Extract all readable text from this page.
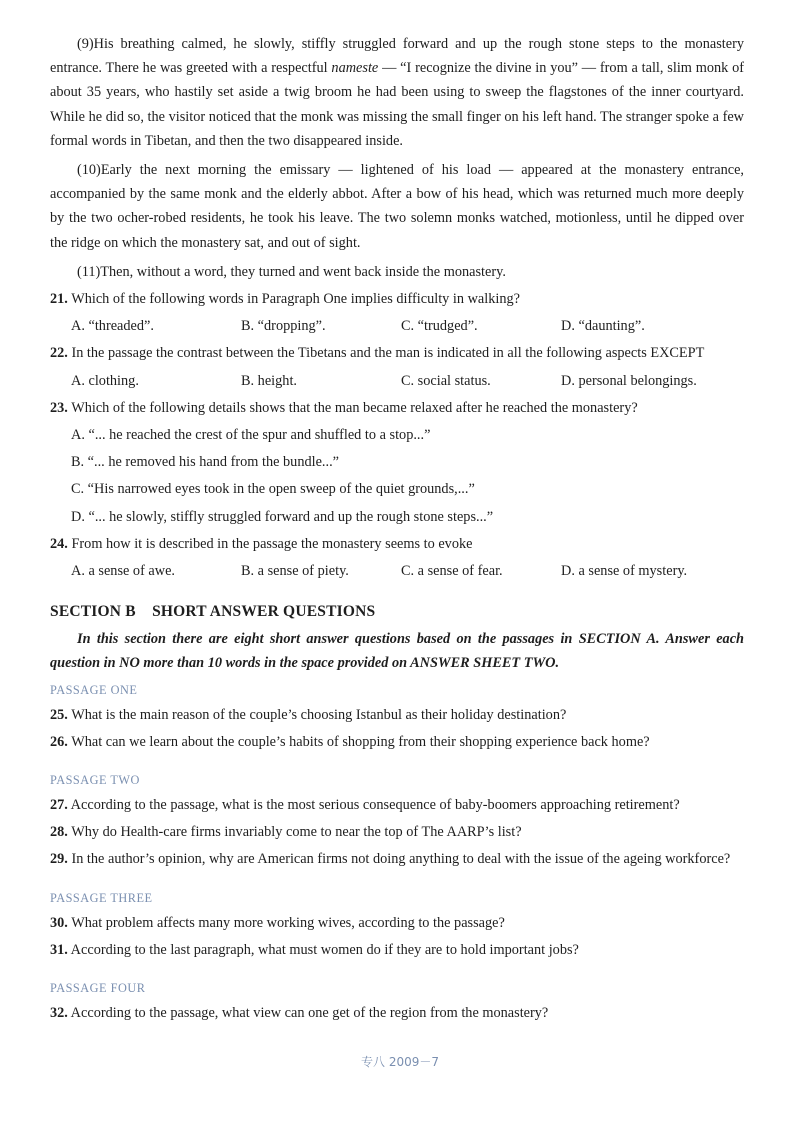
(9)His breathing calmed, he slowly, stiffly struggled forward and up the rough stone steps to the monastery entrance. There he was greeted with a respectful nameste — “I recognize the divine in you” — from a tall, slim monk of about 35 years, who hastily set aside a twig broom he had been using to sweep the flagstones of the inner courtyard. While he did so, the visitor noticed that the monk was missing the small finger on his left hand. The stranger spoke a few formal words in Tibetan, and then the two disappeared inside.

(10)Early the next morning the emissary — lightened of his load — appeared at the monastery entrance, accompanied by the same monk and the elderly abbot. After a bow of his head, which was returned much more deeply by the two ocher-robed residents, he took his leave. The two solemn monks watched, motionless, until he dipped over the ridge on which the monastery sat, and out of sight.

(11)Then, without a word, they turned and went back inside the monastery.

21. Which of the following words in Paragraph One implies difficulty in walking?

A. “threaded”.	B. “dropping”.	C. “trudged”.	D. “daunting”.

22. In the passage the contrast between the Tibetans and the man is indicated in all the following aspects EXCEPT

A. clothing.	B. height.	C. social status.	D. personal belongings.

23. Which of the following details shows that the man became relaxed after he reached the monastery?

A. “... he reached the crest of the spur and shuffled to a stop...”

B. “... he removed his hand from the bundle...”

C. “His narrowed eyes took in the open sweep of the quiet grounds,...”

D. “... he slowly, stiffly struggled forward and up the rough stone steps...”

24. From how it is described in the passage the monastery seems to evoke

A. a sense of awe.	B. a sense of piety.	C. a sense of fear.	D. a sense of mystery.

SECTION B    SHORT ANSWER QUESTIONS

In this section there are eight short answer questions based on the passages in SECTION A. Answer each question in NO more than 10 words in the space provided on ANSWER SHEET TWO.

PASSAGE ONE

25. What is the main reason of the couple’s choosing Istanbul as their holiday destination?

26. What can we learn about the couple’s habits of shopping from their shopping experience back home?

PASSAGE TWO

27. According to the passage, what is the most serious consequence of baby-boomers approaching retirement?

28. Why do Health-care firms invariably come to near the top of The AARP’s list?

29. In the author’s opinion, why are American firms not doing anything to deal with the issue of the ageing workforce?

PASSAGE THREE

30. What problem affects many more working wives, according to the passage?

31. According to the last paragraph, what must women do if they are to hold important jobs?

PASSAGE FOUR

32. According to the passage, what view can one get of the region from the monastery?

专八 2009－7
